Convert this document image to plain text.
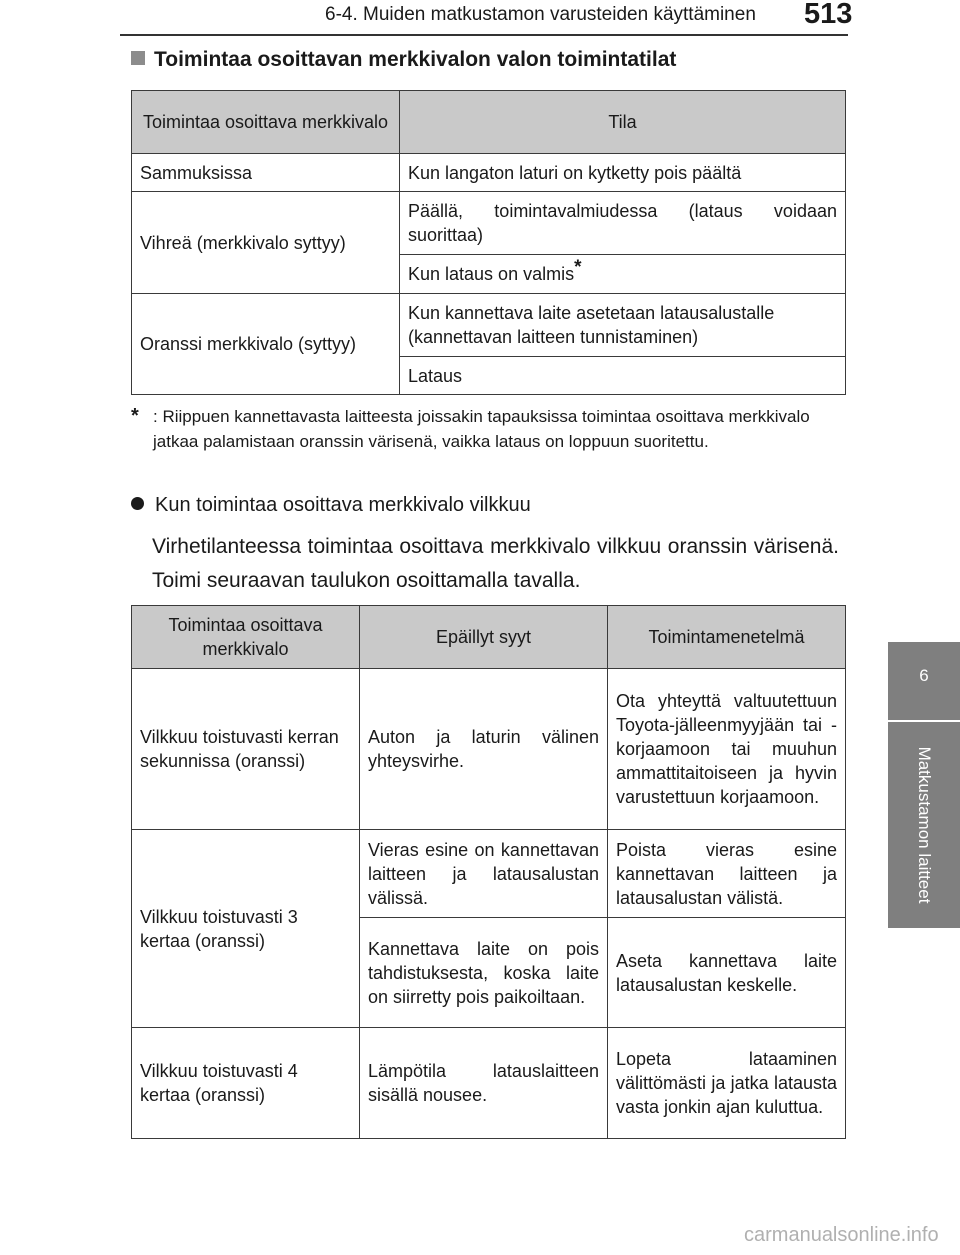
6-4. Muiden matkustamon varusteiden käyttäminen 513
6
Matkustamon laitteet
Toimintaa osoittavan merkkivalon valon toimintatilat
Toimintaa osoittava merkkivalo	Tila
Sammuksissa	Kun langaton laturi on kytketty pois päältä
Vihreä (merkkivalo syttyy)	Päällä, toimintavalmiudessa (lataus voidaan suorittaa)
	Kun lataus on valmis*
Oranssi merkkivalo (syttyy)	Kun kannettava laite asetetaan latausalustalle (kannettavan laitteen tunnistaminen)
	Lataus
* : Riippuen kannettavasta laitteesta joissakin tapauksissa toimintaa osoittava merkkivalo jatkaa palamistaan oranssin värisenä, vaikka lataus on loppuun suoritettu.
Kun toimintaa osoittava merkkivalo vilkkuu
Virhetilanteessa toimintaa osoittava merkkivalo vilkkuu oranssin värisenä. Toimi seuraavan taulukon osoittamalla tavalla.
Toimintaa osoittava merkkivalo	Epäillyt syyt	Toimintamenetelmä
Vilkkuu toistuvasti kerran sekunnissa (oranssi)	Auton ja laturin välinen yhteysvirhe.	Ota yhteyttä valtuutettuun Toyota-jälleenmyyjään tai -korjaamoon tai muuhun ammattitaitoiseen ja hyvin varustettuun korjaamoon.
Vilkkuu toistuvasti 3 kertaa (oranssi)	Vieras esine on kannettavan laitteen ja latausalustan välissä.	Poista vieras esine kannettavan laitteen ja latausalustan välistä.
	Kannettava laite on pois tahdistuksesta, koska laite on siirretty pois paikoiltaan.	Aseta kannettava laite latausalustan keskelle.
Vilkkuu toistuvasti 4 kertaa (oranssi)	Lämpötila latauslaitteen sisällä nousee.	Lopeta lataaminen välittömästi ja jatka latausta vasta jonkin ajan kuluttua.
carmanualsonline.info
